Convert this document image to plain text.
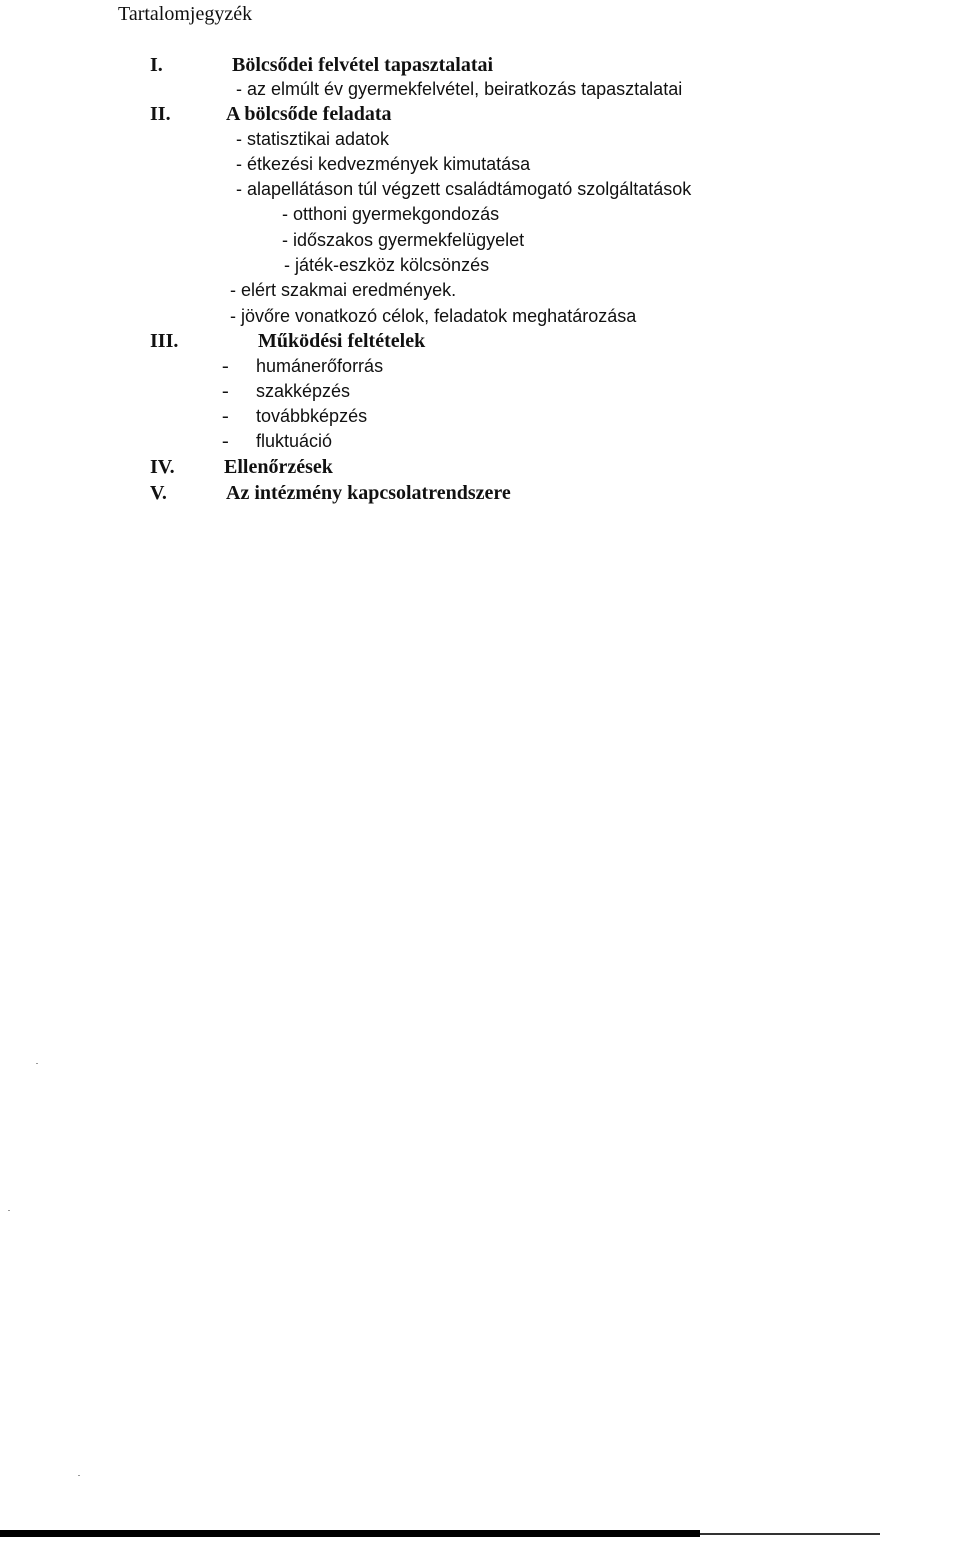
Tartalomjegyzék
I.	Bölcsődei felvétel tapasztalatai
- az elmúlt év gyermekfelvétel, beiratkozás tapasztalatai
II.	A bölcsőde feladata
- statisztikai adatok
- étkezési kedvezmények kimutatása
- alapellátáson túl végzett családtámogató szolgáltatások
- otthoni gyermekgondozás
- időszakos gyermekfelügyelet
- játék-eszköz kölcsönzés
- elért szakmai eredmények.
- jövőre vonatkozó célok, feladatok meghatározása
III.	Működési feltételek
- humánerőforrás
- szakképzés
- továbbképzés
- fluktuáció
IV. Ellenőrzések
V.	Az intézmény kapcsolatrendszere
